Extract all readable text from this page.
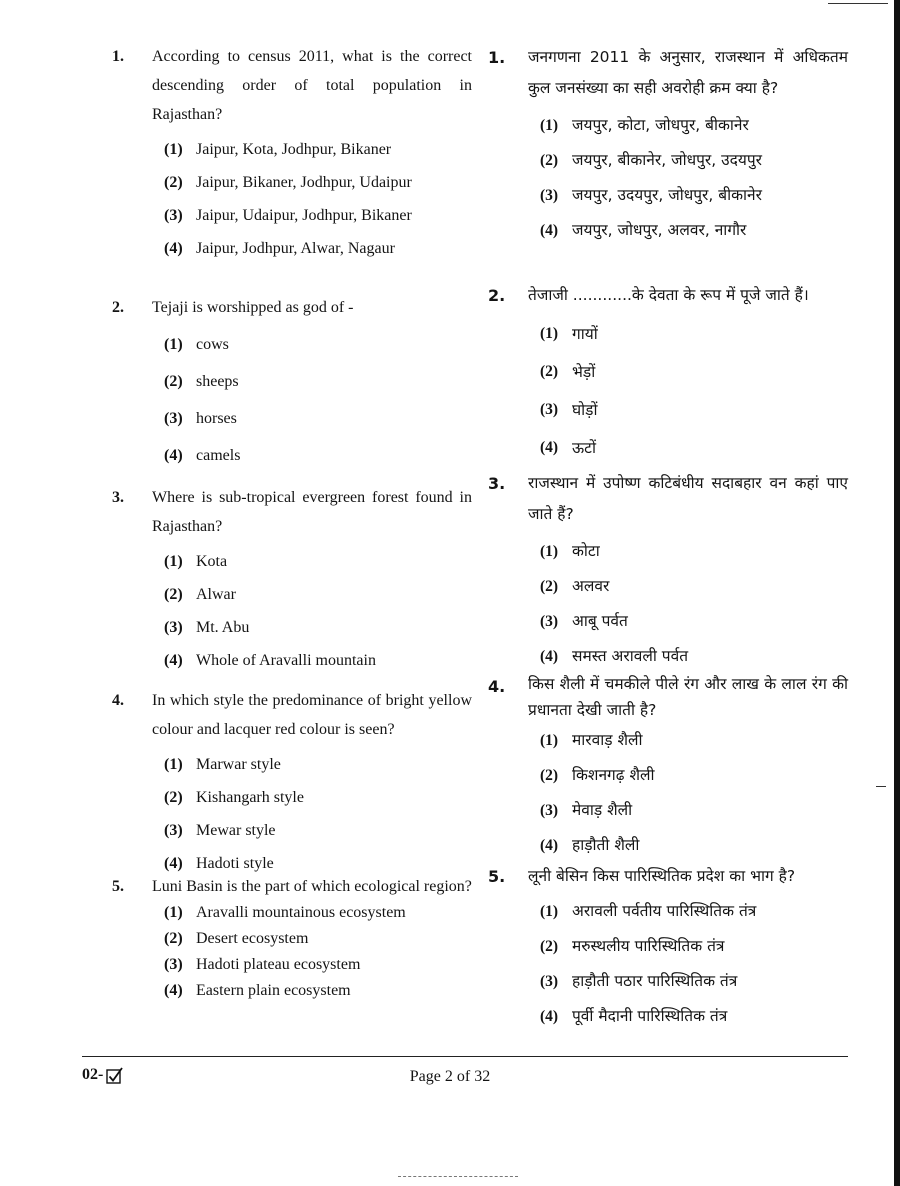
1. According to census 2011, what is the correct descending order of total population in Rajasthan?
(1) Jaipur, Kota, Jodhpur, Bikaner
(2) Jaipur, Bikaner, Jodhpur, Udaipur
(3) Jaipur, Udaipur, Jodhpur, Bikaner
(4) Jaipur, Jodhpur, Alwar, Nagaur
2. Tejaji is worshipped as god of -
(1) cows
(2) sheeps
(3) horses
(4) camels
3. Where is sub-tropical evergreen forest found in Rajasthan?
(1) Kota
(2) Alwar
(3) Mt. Abu
(4) Whole of Aravalli mountain
4. In which style the predominance of bright yellow colour and lacquer red colour is seen?
(1) Marwar style
(2) Kishangarh style
(3) Mewar style
(4) Hadoti style
5. Luni Basin is the part of which ecological region?
(1) Aravalli mountainous ecosystem
(2) Desert ecosystem
(3) Hadoti plateau ecosystem
(4) Eastern plain ecosystem
1. जनगणना 2011 के अनुसार, राजस्थान में अधिकतम कुल जनसंख्या का सही अवरोही क्रम क्या है?
(1) जयपुर, कोटा, जोधपुर, बीकानेर
(2) जयपुर, बीकानेर, जोधपुर, उदयपुर
(3) जयपुर, उदयपुर, जोधपुर, बीकानेर
(4) जयपुर, जोधपुर, अलवर, नागौर
2. तेजाजी ............के देवता के रूप में पूजे जाते हैं।
(1) गायों
(2) भेड़ों
(3) घोड़ों
(4) ऊटों
3. राजस्थान में उपोष्ण कटिबंधीय सदाबहार वन कहां पाए जाते हैं?
(1) कोटा
(2) अलवर
(3) आबू पर्वत
(4) समस्त अरावली पर्वत
4. किस शैली में चमकीले पीले रंग और लाख के लाल रंग की प्रधानता देखी जाती है?
(1) मारवाड़ शैली
(2) किशनगढ़ शैली
(3) मेवाड़ शैली
(4) हाड़ौती शैली
5. लूनी बेसिन किस पारिस्थितिक प्रदेश का भाग है?
(1) अरावली पर्वतीय पारिस्थितिक तंत्र
(2) मरुस्थलीय पारिस्थितिक तंत्र
(3) हाड़ौती पठार पारिस्थितिक तंत्र
(4) पूर्वी मैदानी पारिस्थितिक तंत्र
02-	Page 2 of 32
